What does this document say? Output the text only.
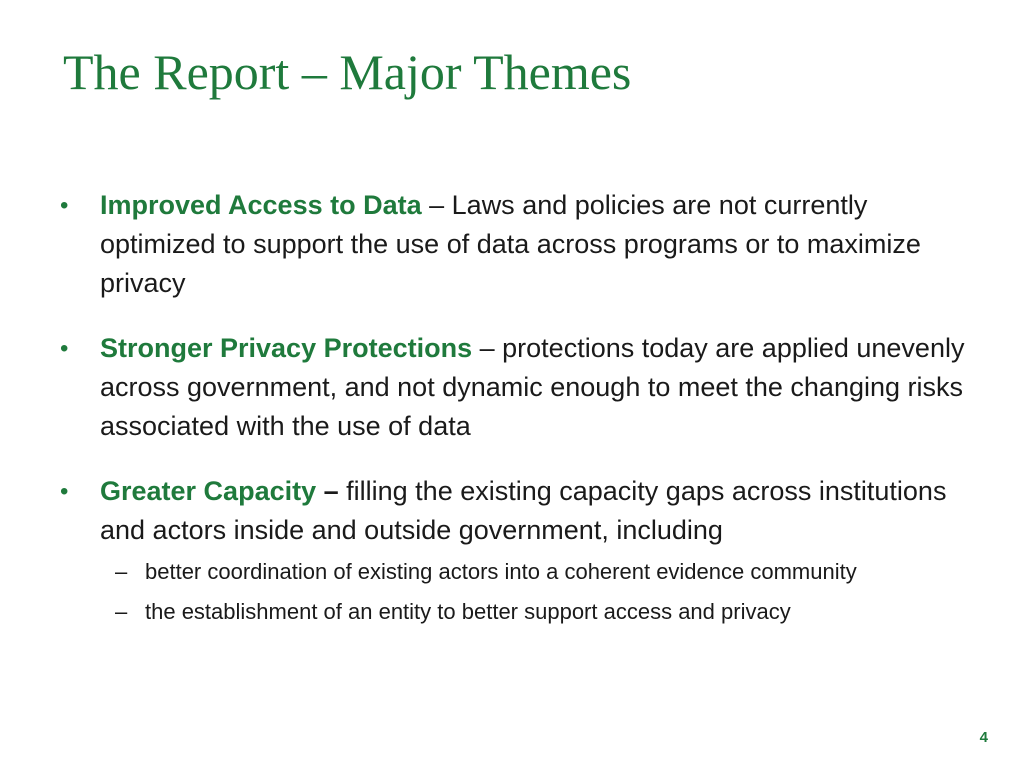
The Report – Major Themes
• Improved Access to Data – Laws and policies are not currently optimized to support the use of data across programs or to maximize privacy
• Stronger Privacy Protections – protections today are applied unevenly across government, and not dynamic enough to meet the changing risks associated with the use of data
• Greater Capacity – filling the existing capacity gaps across institutions and actors inside and outside government, including
– better coordination of existing actors into a coherent evidence community
– the establishment of an entity to better support access and privacy
4
